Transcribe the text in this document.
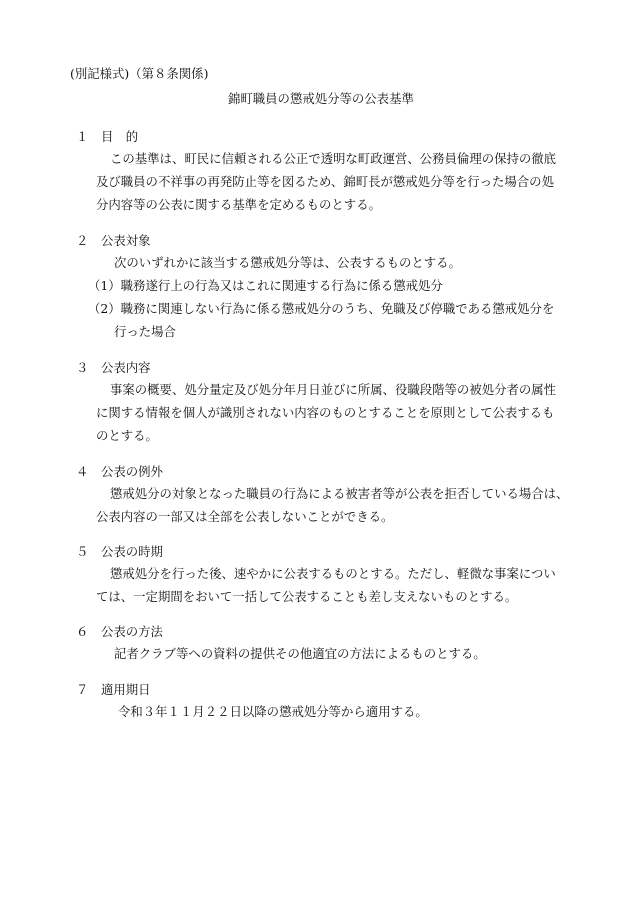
(別記様式)（第８条関係)
錦町職員の懲戒処分等の公表基準
１ 目　的
この基準は、町民に信頼される公正で透明な町政運営、公務員倫理の保持の徹底
及び職員の不祥事の再発防止等を図るため、錦町長が懲戒処分等を行った場合の処
分内容等の公表に関する基準を定めるものとする。
２ 公表対象
次のいずれかに該当する懲戒処分等は、公表するものとする。
（1）職務遂行上の行為又はこれに関連する行為に係る懲戒処分
（2）職務に関連しない行為に係る懲戒処分のうち、免職及び停職である懲戒処分を
行った場合
３ 公表内容
事案の概要、処分量定及び処分年月日並びに所属、役職段階等の被処分者の属性
に関する情報を個人が識別されない内容のものとすることを原則として公表するも
のとする。
４ 公表の例外
懲戒処分の対象となった職員の行為による被害者等が公表を拒否している場合は、
公表内容の一部又は全部を公表しないことができる。
５ 公表の時期
懲戒処分を行った後、速やかに公表するものとする。ただし、軽微な事案につい
ては、一定期間をおいて一括して公表することも差し支えないものとする。
６ 公表の方法
記者クラブ等への資料の提供その他適宜の方法によるものとする。
７ 適用期日
令和３年１１月２２日以降の懲戒処分等から適用する。
